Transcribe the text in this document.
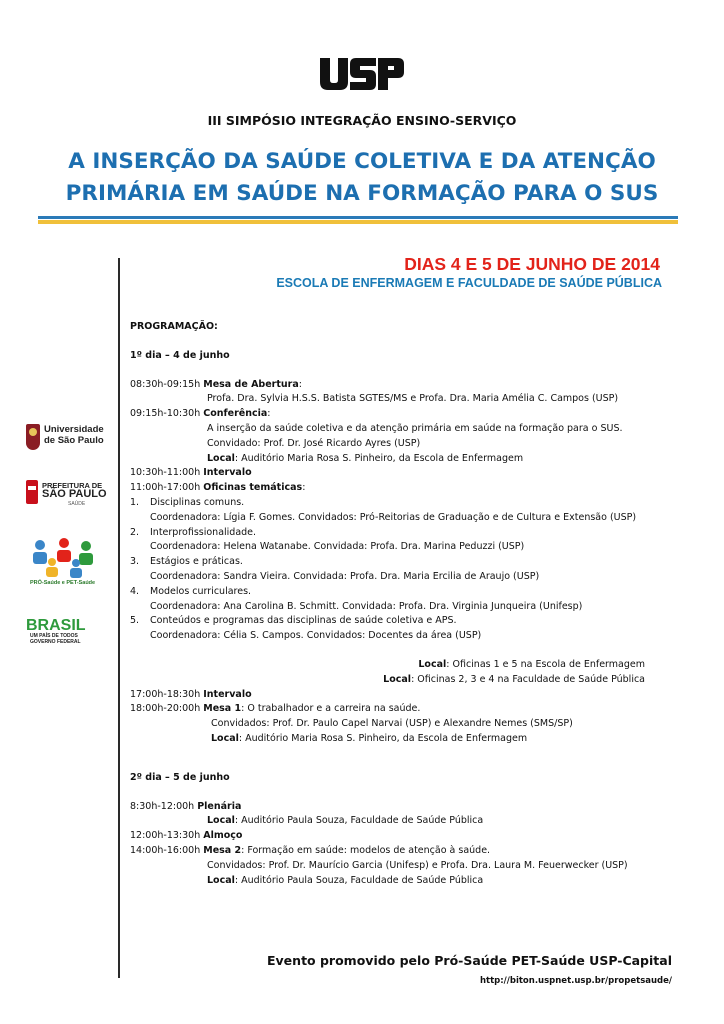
III SIMPÓSIO INTEGRAÇÃO ENSINO-SERVIÇO
A INSERÇÃO DA SAÚDE COLETIVA E DA ATENÇÃO
PRIMÁRIA EM SAÚDE NA FORMAÇÃO PARA O SUS
DIAS 4 E 5 DE JUNHO DE 2014
ESCOLA DE ENFERMAGEM E FACULDADE DE SAÚDE PÚBLICA
Universidade
de São Paulo
PREFEITURA DE
SÃO PAULO
SAÚDE
PRÓ-Saúde e PET-Saúde
BRASIL
UM PAÍS DE TODOS
GOVERNO FEDERAL
PROGRAMAÇÃO:
1º dia – 4 de junho
08:30h-09:15h Mesa de Abertura:
Profa. Dra. Sylvia H.S.S. Batista SGTES/MS e Profa. Dra. Maria Amélia C. Campos (USP)
09:15h-10:30h Conferência:
A inserção da saúde coletiva e da atenção primária em saúde na formação para o SUS.
Convidado: Prof. Dr. José Ricardo Ayres (USP)
Local: Auditório Maria Rosa S. Pinheiro, da Escola de Enfermagem
10:30h-11:00h Intervalo
11:00h-17:00h Oficinas temáticas:
1. Disciplinas comuns.
Coordenadora: Lígia F. Gomes. Convidados: Pró-Reitorias de Graduação e de Cultura e Extensão (USP)
2. Interprofissionalidade.
Coordenadora: Helena Watanabe. Convidada: Profa. Dra. Marina Peduzzi (USP)
3. Estágios e práticas.
Coordenadora: Sandra Vieira. Convidada: Profa. Dra. Maria Ercilia de Araujo (USP)
4. Modelos curriculares.
Coordenadora: Ana Carolina B. Schmitt. Convidada: Profa. Dra. Virginia Junqueira (Unifesp)
5. Conteúdos e programas das disciplinas de saúde coletiva e APS.
Coordenadora: Célia S. Campos. Convidados: Docentes da área (USP)
Local: Oficinas 1 e 5 na Escola de Enfermagem
Local: Oficinas 2, 3 e 4 na Faculdade de Saúde Pública
17:00h-18:30h Intervalo
18:00h-20:00h Mesa 1: O trabalhador e a carreira na saúde.
Convidados: Prof. Dr. Paulo Capel Narvai (USP) e Alexandre Nemes (SMS/SP)
Local: Auditório Maria Rosa S. Pinheiro, da Escola de Enfermagem
2º dia – 5 de junho
8:30h-12:00h Plenária
Local: Auditório Paula Souza, Faculdade de Saúde Pública
12:00h-13:30h Almoço
14:00h-16:00h Mesa 2: Formação em saúde: modelos de atenção à saúde.
Convidados: Prof. Dr. Maurício Garcia (Unifesp) e Profa. Dra. Laura M. Feuerwecker (USP)
Local: Auditório Paula Souza, Faculdade de Saúde Pública
Evento promovido pelo Pró-Saúde PET-Saúde USP-Capital
http://biton.uspnet.usp.br/propetsaude/
